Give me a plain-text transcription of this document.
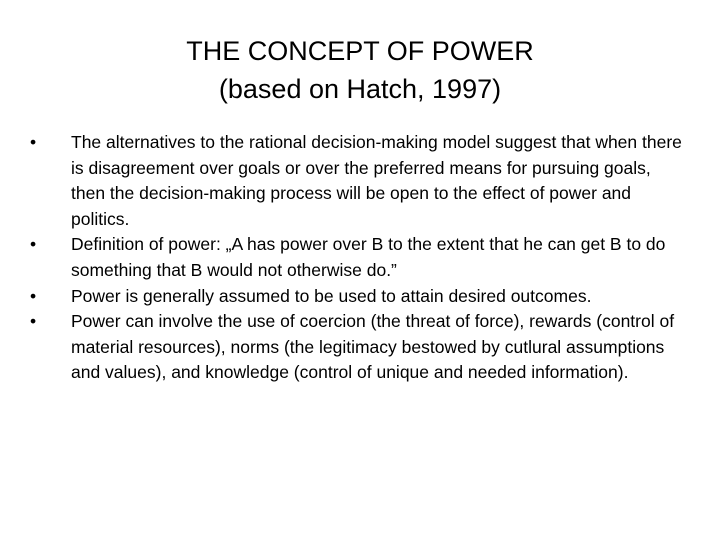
THE CONCEPT OF POWER
(based on Hatch, 1997)
•	The alternatives to the rational decision-making model suggest that when there is disagreement over goals or over the preferred means for pursuing goals, then the decision-making process will be open to the effect of power and politics.
•	Definition of power: „A has power over B to the extent that he can get B to do something that B would not otherwise do.”
•	Power is generally assumed to be used to attain desired outcomes.
•	Power can involve the use of coercion (the threat of force), rewards (control of material resources), norms (the legitimacy bestowed by cutlural assumptions and values), and knowledge (control of unique and needed information).
